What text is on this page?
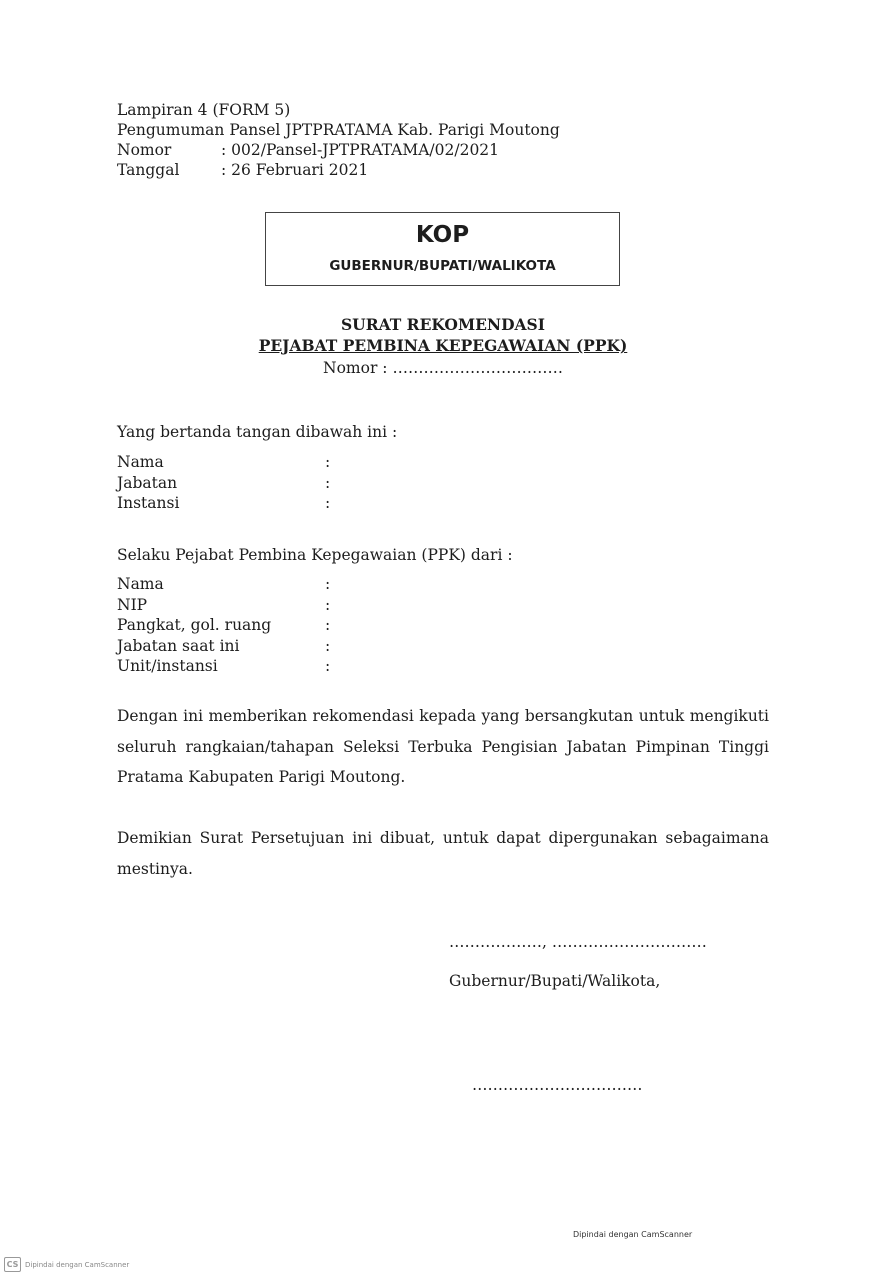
Lampiran 4 (FORM 5)
Pengumuman Pansel JPTPRATAMA Kab. Parigi Moutong
Nomor	: 002/Pansel-JPTPRATAMA/02/2021
Tanggal	: 26 Februari 2021
KOP
GUBERNUR/BUPATI/WALIKOTA
SURAT REKOMENDASI
PEJABAT PEMBINA KEPEGAWAIAN (PPK)
Nomor : ……………………………
Yang bertanda tangan dibawah ini :
Nama	:
Jabatan	:
Instansi	:
Selaku Pejabat Pembina Kepegawaian (PPK) dari :
Nama	:
NIP	:
Pangkat, gol. ruang	:
Jabatan saat ini	:
Unit/instansi	:
Dengan ini memberikan rekomendasi kepada yang bersangkutan untuk mengikuti seluruh rangkaian/tahapan Seleksi Terbuka Pengisian Jabatan Pimpinan Tinggi Pratama Kabupaten Parigi Moutong.
Demikian Surat Persetujuan ini dibuat, untuk dapat dipergunakan sebagaimana mestinya.
………………, …………………………
Gubernur/Bupati/Walikota,
……………………………
Dipindai dengan CamScanner
CS Dipindai dengan CamScanner
